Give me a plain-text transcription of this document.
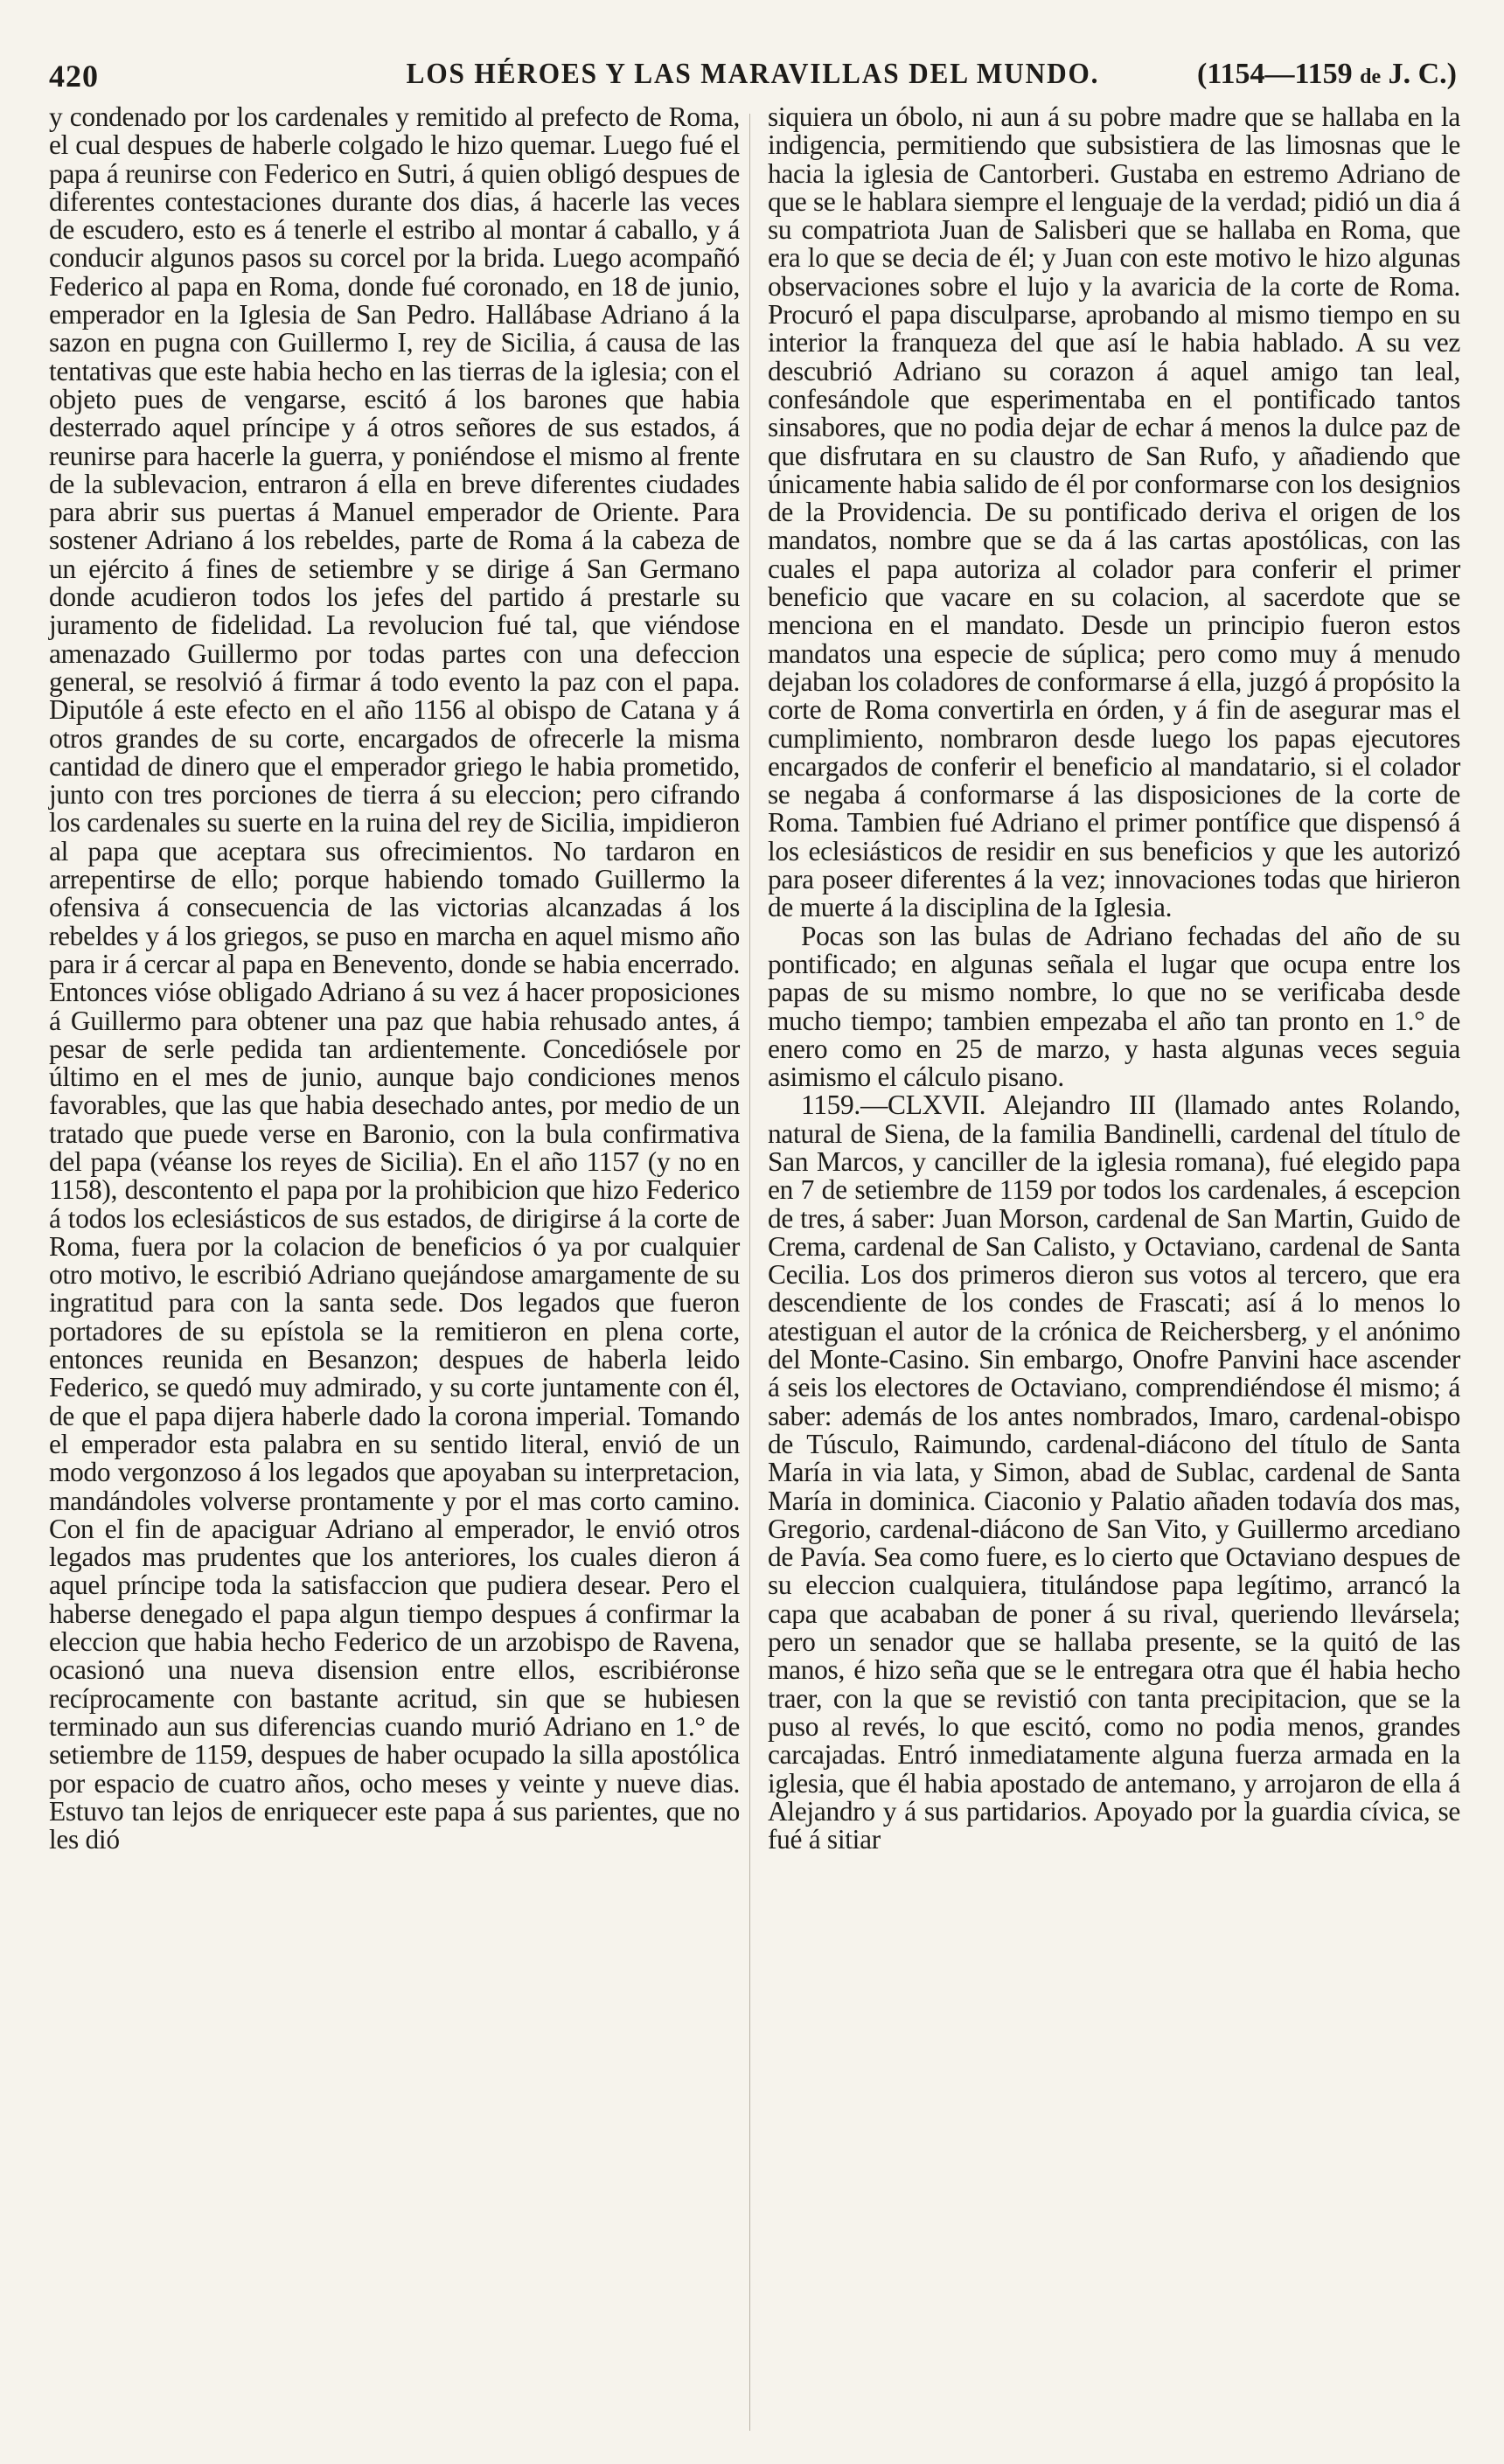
420	LOS HÉROES Y LAS MARAVILLAS DEL MUNDO.	(1154—1159 de J. C.)

y condenado por los cardenales y remitido al prefecto de Roma, el cual despues de haberle colgado le hizo quemar. Luego fué el papa á reunirse con Federico en Sutri, á quien obligó despues de diferentes contestaciones durante dos dias, á hacerle las veces de escudero, esto es á tenerle el estribo al montar á caballo, y á conducir algunos pasos su corcel por la brida. Luego acompañó Federico al papa en Roma, donde fué coronado, en 18 de junio, emperador en la Iglesia de San Pedro. Hallábase Adriano á la sazon en pugna con Guillermo I, rey de Sicilia, á causa de las tentativas que este habia hecho en las tierras de la iglesia; con el objeto pues de vengarse, escitó á los barones que habia desterrado aquel príncipe y á otros señores de sus estados, á reunirse para hacerle la guerra, y poniéndose el mismo al frente de la sublevacion, entraron á ella en breve diferentes ciudades para abrir sus puertas á Manuel emperador de Oriente. Para sostener Adriano á los rebeldes, parte de Roma á la cabeza de un ejército á fines de setiembre y se dirige á San Germano donde acudieron todos los jefes del partido á prestarle su juramento de fidelidad. La revolucion fué tal, que viéndose amenazado Guillermo por todas partes con una defeccion general, se resolvió á firmar á todo evento la paz con el papa. Diputóle á este efecto en el año 1156 al obispo de Catana y á otros grandes de su corte, encargados de ofrecerle la misma cantidad de dinero que el emperador griego le habia prometido, junto con tres porciones de tierra á su eleccion; pero cifrando los cardenales su suerte en la ruina del rey de Sicilia, impidieron al papa que aceptara sus ofrecimientos. No tardaron en arrepentirse de ello; porque habiendo tomado Guillermo la ofensiva á consecuencia de las victorias alcanzadas á los rebeldes y á los griegos, se puso en marcha en aquel mismo año para ir á cercar al papa en Benevento, donde se habia encerrado. Entonces vióse obligado Adriano á su vez á hacer proposiciones á Guillermo para obtener una paz que habia rehusado antes, á pesar de serle pedida tan ardientemente. Concediósele por último en el mes de junio, aunque bajo condiciones menos favorables, que las que habia desechado antes, por medio de un tratado que puede verse en Baronio, con la bula confirmativa del papa (véanse los reyes de Sicilia). En el año 1157 (y no en 1158), descontento el papa por la prohibicion que hizo Federico á todos los eclesiásticos de sus estados, de dirigirse á la corte de Roma, fuera por la colacion de beneficios ó ya por cualquier otro motivo, le escribió Adriano quejándose amargamente de su ingratitud para con la santa sede. Dos legados que fueron portadores de su epístola se la remitieron en plena corte, entonces reunida en Besanzon; despues de haberla leido Federico, se quedó muy admirado, y su corte juntamente con él, de que el papa dijera haberle dado la corona imperial. Tomando el emperador esta palabra en su sentido literal, envió de un modo vergonzoso á los legados que apoyaban su interpretacion, mandándoles volverse prontamente y por el mas corto camino. Con el fin de apaciguar Adriano al emperador, le envió otros legados mas prudentes que los anteriores, los cuales dieron á aquel príncipe toda la satisfaccion que pudiera desear. Pero el haberse denegado el papa algun tiempo despues á confirmar la eleccion que habia hecho Federico de un arzobispo de Ravena, ocasionó una nueva disension entre ellos, escribiéronse recíprocamente con bastante acritud, sin que se hubiesen terminado aun sus diferencias cuando murió Adriano en 1.° de setiembre de 1159, despues de haber ocupado la silla apostólica por espacio de cuatro años, ocho meses y veinte y nueve dias. Estuvo tan lejos de enriquecer este papa á sus parientes, que no les dió

siquiera un óbolo, ni aun á su pobre madre que se hallaba en la indigencia, permitiendo que subsistiera de las limosnas que le hacia la iglesia de Cantorberi. Gustaba en estremo Adriano de que se le hablara siempre el lenguaje de la verdad; pidió un dia á su compatriota Juan de Salisberi que se hallaba en Roma, que era lo que se decia de él; y Juan con este motivo le hizo algunas observaciones sobre el lujo y la avaricia de la corte de Roma. Procuró el papa disculparse, aprobando al mismo tiempo en su interior la franqueza del que así le habia hablado. A su vez descubrió Adriano su corazon á aquel amigo tan leal, confesándole que esperimentaba en el pontificado tantos sinsabores, que no podia dejar de echar á menos la dulce paz de que disfrutara en su claustro de San Rufo, y añadiendo que únicamente habia salido de él por conformarse con los designios de la Providencia. De su pontificado deriva el origen de los mandatos, nombre que se da á las cartas apostólicas, con las cuales el papa autoriza al colador para conferir el primer beneficio que vacare en su colacion, al sacerdote que se menciona en el mandato. Desde un principio fueron estos mandatos una especie de súplica; pero como muy á menudo dejaban los coladores de conformarse á ella, juzgó á propósito la corte de Roma convertirla en órden, y á fin de asegurar mas el cumplimiento, nombraron desde luego los papas ejecutores encargados de conferir el beneficio al mandatario, si el colador se negaba á conformarse á las disposiciones de la corte de Roma. Tambien fué Adriano el primer pontífice que dispensó á los eclesiásticos de residir en sus beneficios y que les autorizó para poseer diferentes á la vez; innovaciones todas que hirieron de muerte á la disciplina de la Iglesia.

Pocas son las bulas de Adriano fechadas del año de su pontificado; en algunas señala el lugar que ocupa entre los papas de su mismo nombre, lo que no se verificaba desde mucho tiempo; tambien empezaba el año tan pronto en 1.° de enero como en 25 de marzo, y hasta algunas veces seguia asimismo el cálculo pisano.

1159.—CLXVII. Alejandro III (llamado antes Rolando, natural de Siena, de la familia Bandinelli, cardenal del título de San Marcos, y canciller de la iglesia romana), fué elegido papa en 7 de setiembre de 1159 por todos los cardenales, á escepcion de tres, á saber: Juan Morson, cardenal de San Martin, Guido de Crema, cardenal de San Calisto, y Octaviano, cardenal de Santa Cecilia. Los dos primeros dieron sus votos al tercero, que era descendiente de los condes de Frascati; así á lo menos lo atestiguan el autor de la crónica de Reichersberg, y el anónimo del Monte-Casino. Sin embargo, Onofre Panvini hace ascender á seis los electores de Octaviano, comprendiéndose él mismo; á saber: además de los antes nombrados, Imaro, cardenal-obispo de Túsculo, Raimundo, cardenal-diácono del título de Santa María in via lata, y Simon, abad de Sublac, cardenal de Santa María in dominica. Ciaconio y Palatio añaden todavía dos mas, Gregorio, cardenal-diácono de San Vito, y Guillermo arcediano de Pavía. Sea como fuere, es lo cierto que Octaviano despues de su eleccion cualquiera, titulándose papa legítimo, arrancó la capa que acababan de poner á su rival, queriendo llevársela; pero un senador que se hallaba presente, se la quitó de las manos, é hizo seña que se le entregara otra que él habia hecho traer, con la que se revistió con tanta precipitacion, que se la puso al revés, lo que escitó, como no podia menos, grandes carcajadas. Entró inmediatamente alguna fuerza armada en la iglesia, que él habia apostado de antemano, y arrojaron de ella á Alejandro y á sus partidarios. Apoyado por la guardia cívica, se fué á sitiar
